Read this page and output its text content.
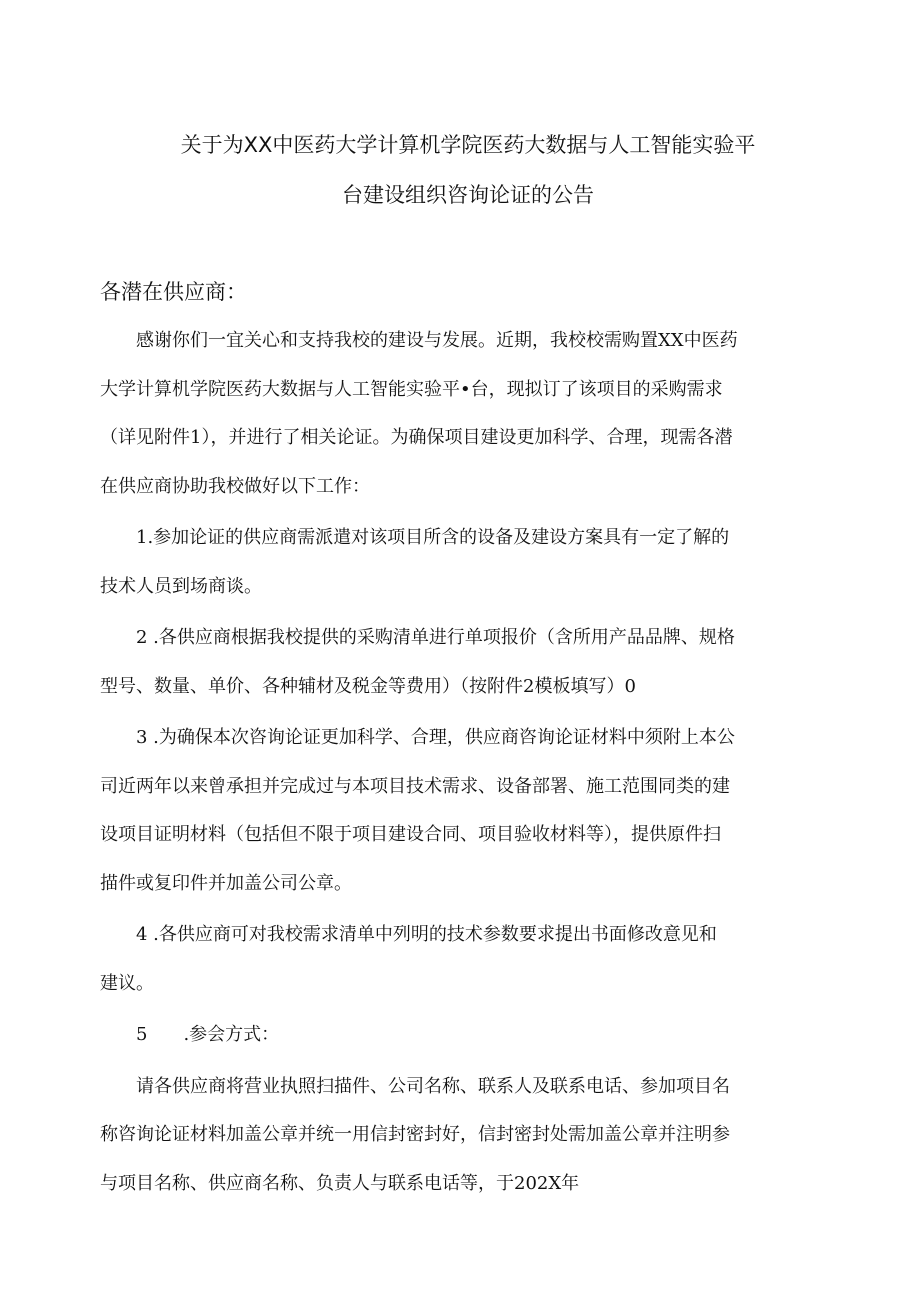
关于为XX中医药大学计算机学院医药大数据与人工智能实验平
台建设组织咨询论证的公告
各潜在供应商：

　　感谢你们一宜关心和支持我校的建设与发展。近期，我校校需购置XX中医药
大学计算机学院医药大数据与人工智能实验平•台，现拟订了该项目的采购需求
（详见附件1），并进行了相关论证。为确保项目建设更加科学、合理，现需各潜
在供应商协助我校做好以下工作：

　　1.参加论证的供应商需派遣对该项目所含的设备及建设方案具有一定了解的
技术人员到场商谈。

　　2 .各供应商根据我校提供的采购清单进行单项报价（含所用产品品牌、规格
型号、数量、单价、各种辅材及税金等费用）（按附件2模板填写）0

　　3 .为确保本次咨询论证更加科学、合理，供应商咨询论证材料中须附上本公
司近两年以来曾承担并完成过与本项目技术需求、设备部署、施工范围同类的建
设项目证明材料（包括但不限于项目建设合同、项目验收材料等），提供原件扫
描件或复印件并加盖公司公章。

　　4 .各供应商可对我校需求清单中列明的技术参数要求提出书面修改意见和
建议。

　　5　　.参会方式：

　　请各供应商将营业执照扫描件、公司名称、联系人及联系电话、参加项目名
称咨询论证材料加盖公章并统一用信封密封好，信封密封处需加盖公章并注明参
与项目名称、供应商名称、负责人与联系电话等，于202X年
